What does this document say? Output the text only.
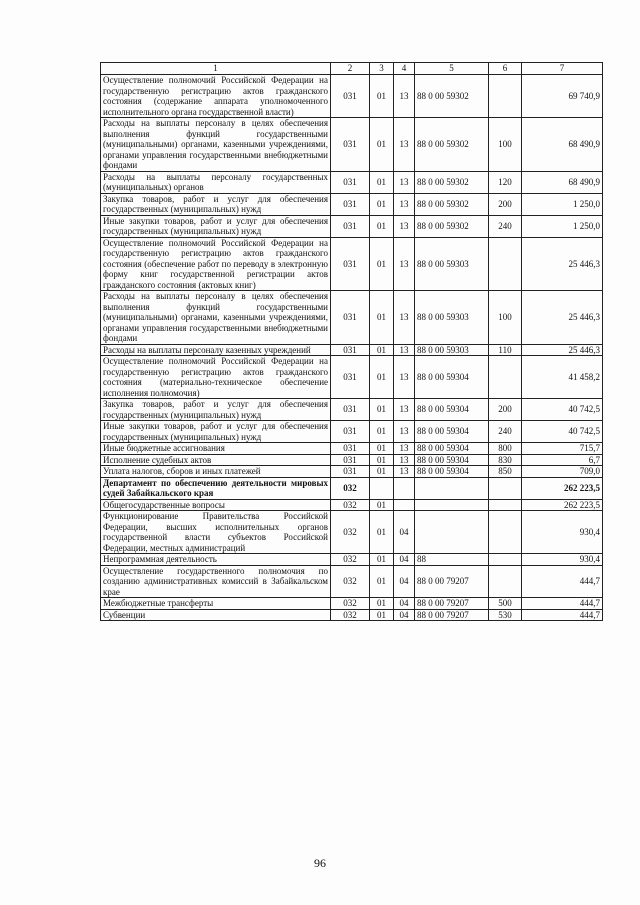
1	2	3	4	5	6	7
Осуществление полномочий Российской Федерации на государственную регистрацию актов гражданского состояния (содержание аппарата уполномоченного исполнительного органа государственной власти)	031	01	13	88 0 00 59302		69 740,9
Расходы на выплаты персоналу в целях обеспечения выполнения функций государственными (муниципальными) органами, казенными учреждениями, органами управления государственными внебюджетными фондами	031	01	13	88 0 00 59302	100	68 490,9
Расходы на выплаты персоналу государственных (муниципальных) органов	031	01	13	88 0 00 59302	120	68 490,9
Закупка товаров, работ и услуг для обеспечения государственных (муниципальных) нужд	031	01	13	88 0 00 59302	200	1 250,0
Иные закупки товаров, работ и услуг для обеспечения государственных (муниципальных) нужд	031	01	13	88 0 00 59302	240	1 250,0
Осуществление полномочий Российской Федерации на государственную регистрацию актов гражданского состояния (обеспечение работ по переводу в электронную форму книг государственной регистрации актов гражданского состояния (актовых книг)	031	01	13	88 0 00 59303		25 446,3
Расходы на выплаты персоналу в целях обеспечения выполнения функций государственными (муниципальными) органами, казенными учреждениями, органами управления государственными внебюджетными фондами	031	01	13	88 0 00 59303	100	25 446,3
Расходы на выплаты персоналу казенных учреждений	031	01	13	88 0 00 59303	110	25 446,3
Осуществление полномочий Российской Федерации на государственную регистрацию актов гражданского состояния (материально-техническое обеспечение исполнения полномочия)	031	01	13	88 0 00 59304		41 458,2
Закупка товаров, работ и услуг для обеспечения государственных (муниципальных) нужд	031	01	13	88 0 00 59304	200	40 742,5
Иные закупки товаров, работ и услуг для обеспечения государственных (муниципальных) нужд	031	01	13	88 0 00 59304	240	40 742,5
Иные бюджетные ассигнования	031	01	13	88 0 00 59304	800	715,7
Исполнение судебных актов	031	01	13	88 0 00 59304	830	6,7
Уплата налогов, сборов и иных платежей	031	01	13	88 0 00 59304	850	709,0
Департамент по обеспечению деятельности мировых судей Забайкальского края	032					262 223,5
Общегосударственные вопросы	032	01				262 223,5
Функционирование Правительства Российской Федерации, высших исполнительных органов государственной власти субъектов Российской Федерации, местных администраций	032	01	04			930,4
Непрограммная деятельность	032	01	04	88		930,4
Осуществление государственного полномочия по созданию административных комиссий в Забайкальском крае	032	01	04	88 0 00 79207		444,7
Межбюджетные трансферты	032	01	04	88 0 00 79207	500	444,7
Субвенции	032	01	04	88 0 00 79207	530	444,7
96
